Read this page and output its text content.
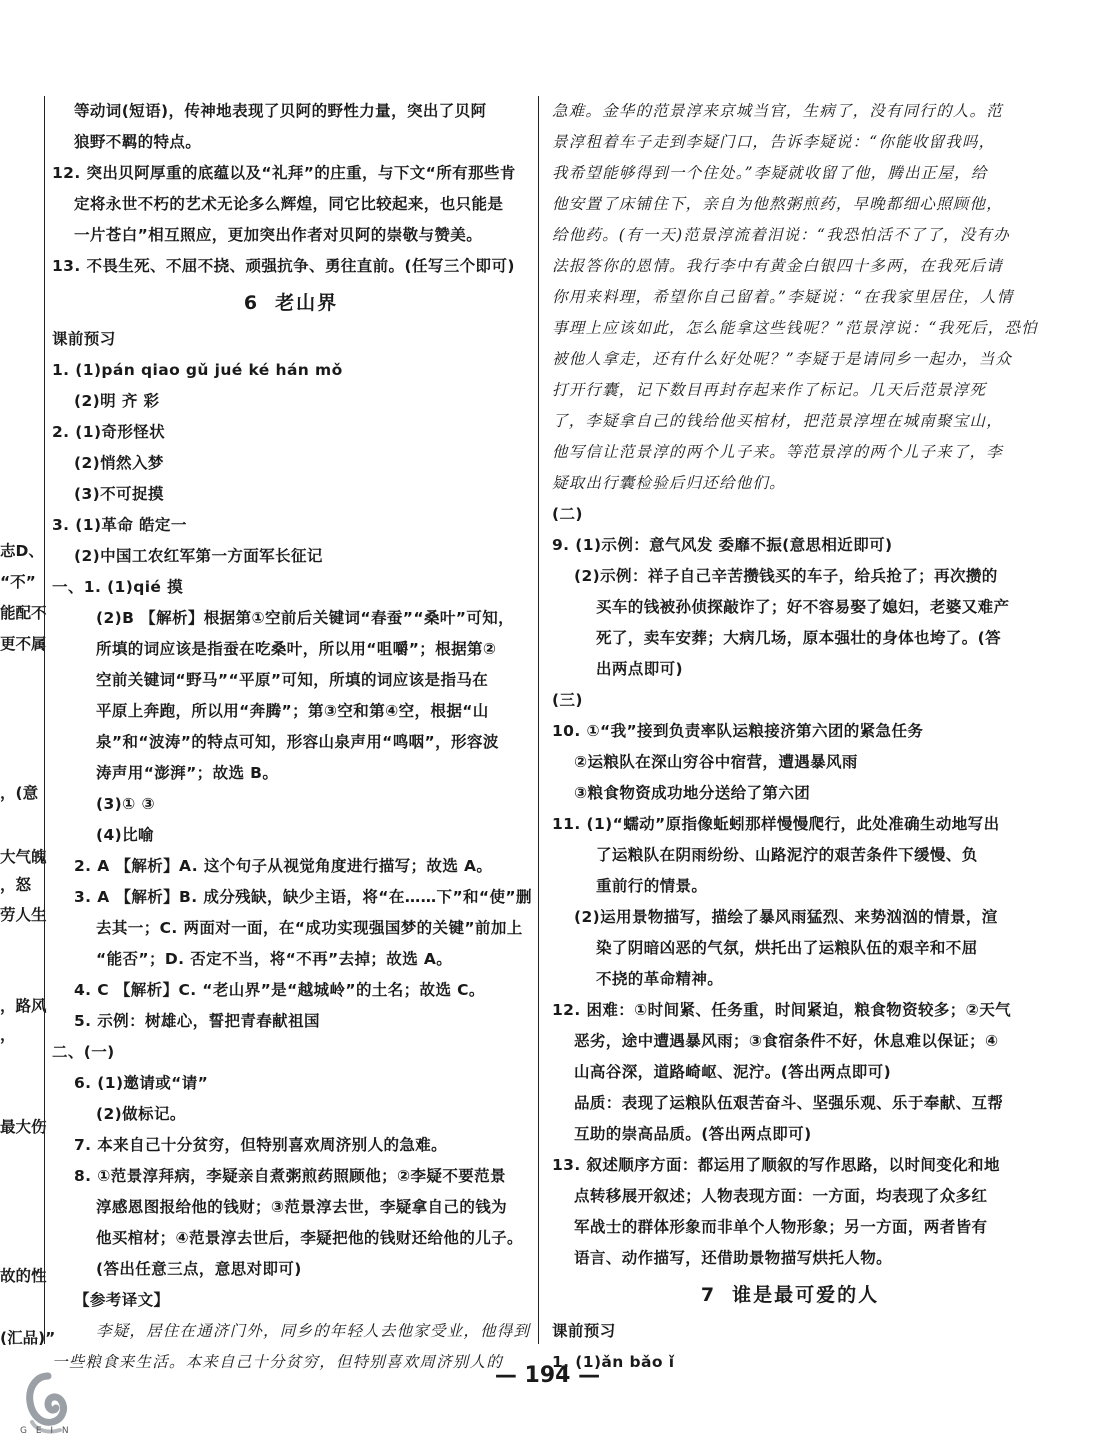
志D、
“不”
能配不
更不属
，(意
大气魄
，怒
劳人生
，路风
，
最大伤
故的性
(汇品)”
等动词(短语)，传神地表现了贝阿的野性力量，突出了贝阿
狼野不羁的特点。
12. 突出贝阿厚重的底蕴以及“礼拜”的庄重，与下文“所有那些肯
定将永世不朽的艺术无论多么辉煌，同它比较起来，也只能是
一片苍白”相互照应，更加突出作者对贝阿的崇敬与赞美。
13. 不畏生死、不屈不挠、顽强抗争、勇往直前。(任写三个即可)
6 老山界
课前预习
1. (1)pán qiao gǔ jué ké hán mǒ
(2)明 齐 彩
2. (1)奇形怪状
(2)悄然入梦
(3)不可捉摸
3. (1)革命 皓定一
(2)中国工农红军第一方面军长征记
一、1. (1)qié 摸
(2)B 【解析】根据第①空前后关键词“春蚕”“桑叶”可知，
所填的词应该是指蚕在吃桑叶，所以用“咀嚼”；根据第②
空前关键词“野马”“平原”可知，所填的词应该是指马在
平原上奔跑，所以用“奔腾”；第③空和第④空，根据“山
泉”和“波涛”的特点可知，形容山泉声用“鸣咽”，形容波
涛声用“澎湃”；故选 B。
(3)① ③
(4)比喻
2. A 【解析】A. 这个句子从视觉角度进行描写；故选 A。
3. A 【解析】B. 成分残缺，缺少主语，将“在……下”和“使”删
去其一；C. 两面对一面，在“成功实现强国梦的关键”前加上
“能否”；D. 否定不当，将“不再”去掉；故选 A。
4. C 【解析】C. “老山界”是“越城岭”的土名；故选 C。
5. 示例：树雄心，誓把青春献祖国
二、(一)
6. (1)邀请或“请”
(2)做标记。
7. 本来自己十分贫穷，但特别喜欢周济别人的急难。
8. ①范景淳拜病，李疑亲自煮粥煎药照顾他；②李疑不要范景
淳感恩图报给他的钱财；③范景淳去世，李疑拿自己的钱为
他买棺材；④范景淳去世后，李疑把他的钱财还给他的儿子。
(答出任意三点，意思对即可)
【参考译文】
李疑，居住在通济门外，同乡的年轻人去他家受业，他得到
一些粮食来生活。本来自己十分贫穷，但特别喜欢周济别人的
急难。金华的范景淳来京城当官，生病了，没有同行的人。范
景淳租着车子走到李疑门口，告诉李疑说：“你能收留我吗，
我希望能够得到一个住处。”李疑就收留了他，腾出正屋，给
他安置了床铺住下，亲自为他熬粥煎药，早晚都细心照顾他，
给他药。(有一天)范景淳流着泪说：“我恐怕活不了了，没有办
法报答你的恩情。我行李中有黄金白银四十多两，在我死后请
你用来料理，希望你自己留着。”李疑说：“在我家里居住，人情
事理上应该如此，怎么能拿这些钱呢？”范景淳说：“我死后，恐怕
被他人拿走，还有什么好处呢？”李疑于是请同乡一起办，当众
打开行囊，记下数目再封存起来作了标记。几天后范景淳死
了，李疑拿自己的钱给他买棺材，把范景淳埋在城南聚宝山，
他写信让范景淳的两个儿子来。等范景淳的两个儿子来了，李
疑取出行囊检验后归还给他们。
(二)
9. (1)示例：意气风发 委靡不振(意思相近即可)
(2)示例：祥子自己辛苦攒钱买的车子，给兵抢了；再次攒的
买车的钱被孙侦探敲诈了；好不容易娶了媳妇，老婆又难产
死了，卖车安葬；大病几场，原本强壮的身体也垮了。(答
出两点即可)
(三)
10. ①“我”接到负责率队运粮接济第六团的紧急任务
②运粮队在深山穷谷中宿营，遭遇暴风雨
③粮食物资成功地分送给了第六团
11. (1)“蠕动”原指像蚯蚓那样慢慢爬行，此处准确生动地写出
了运粮队在阴雨纷纷、山路泥泞的艰苦条件下缓慢、负
重前行的情景。
(2)运用景物描写，描绘了暴风雨猛烈、来势汹汹的情景，渲
染了阴暗凶恶的气氛，烘托出了运粮队伍的艰辛和不屈
不挠的革命精神。
12. 困难：①时间紧、任务重，时间紧迫，粮食物资较多；②天气
恶劣，途中遭遇暴风雨；③食宿条件不好，休息难以保证；④
山高谷深，道路崎岖、泥泞。(答出两点即可)
品质：表现了运粮队伍艰苦奋斗、坚强乐观、乐于奉献、互帮
互助的崇高品质。(答出两点即可)
13. 叙述顺序方面：都运用了顺叙的写作思路，以时间变化和地
点转移展开叙述；人物表现方面：一方面，均表现了众多红
军战士的群体形象而非单个人物形象；另一方面，两者皆有
语言、动作描写，还借助景物描写烘托人物。
7 谁是最可爱的人
课前预习
1. (1)ǎn bǎo ǐ
— 194 —
G E I N
